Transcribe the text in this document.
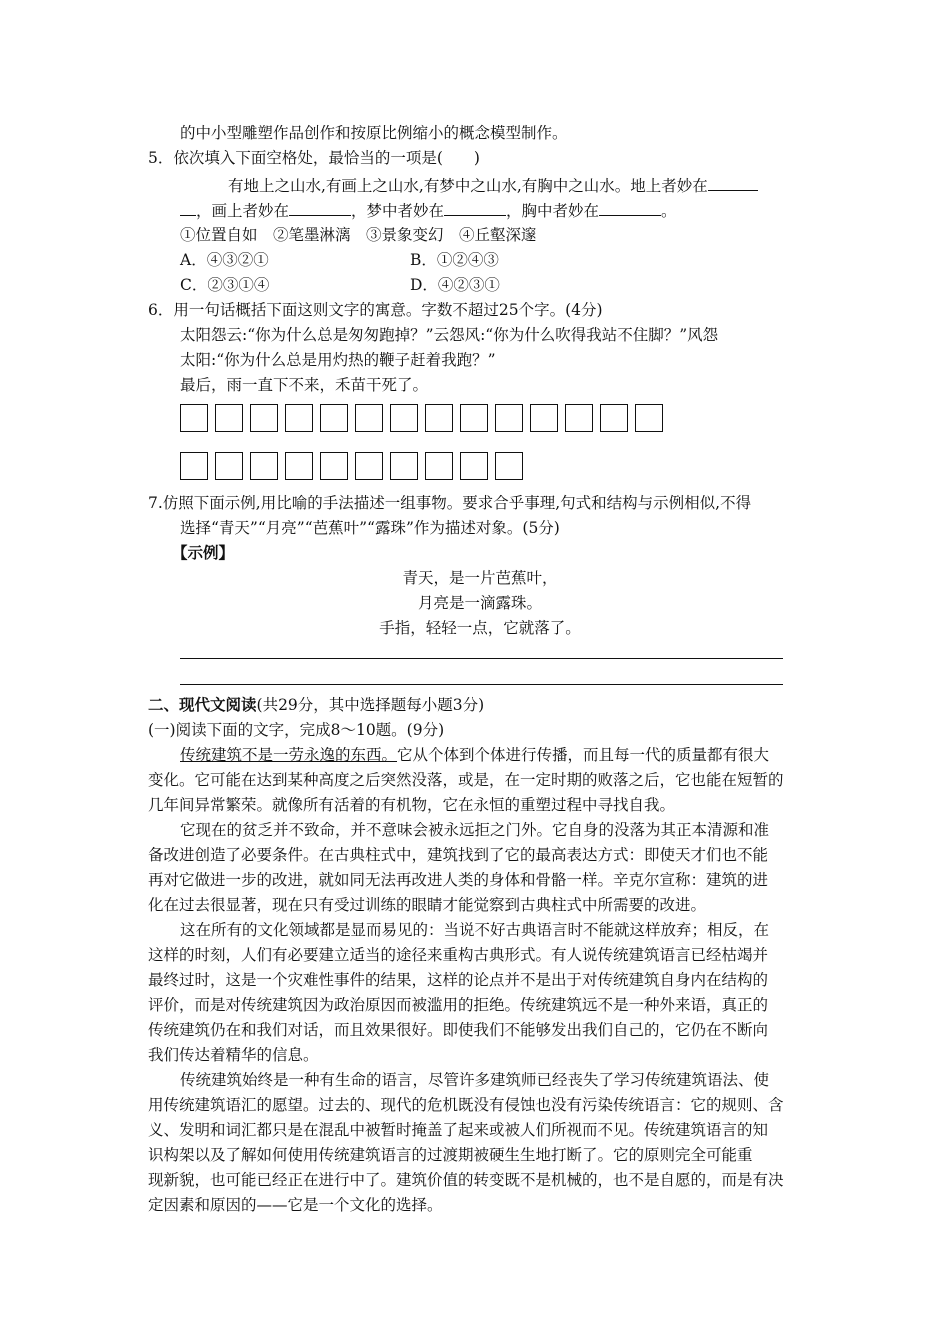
的中小型雕塑作品创作和按原比例缩小的概念模型制作。
5．依次填入下面空格处，最恰当的一项是(　　)
有地上之山水,有画上之山水,有梦中之山水,有胸中之山水。地上者妙在
，画上者妙在	，梦中者妙在	，胸中者妙在	。
①位置自如　②笔墨淋漓　③景象变幻　④丘壑深邃
A．④③②①	B．①②④③
C．②③①④	D．④②③①
6．用一句话概括下面这则文字的寓意。字数不超过25个字。(4分)
太阳怨云:“你为什么总是匆匆跑掉？”云怨风:“你为什么吹得我站不住脚？”风怨
太阳:“你为什么总是用灼热的鞭子赶着我跑？”
最后，雨一直下不来，禾苗干死了。
7.仿照下面示例,用比喻的手法描述一组事物。要求合乎事理,句式和结构与示例相似,不得
选择“青天”“月亮”“芭蕉叶”“露珠”作为描述对象。(5分)
【示例】
青天，是一片芭蕉叶，
月亮是一滴露珠。
手指，轻轻一点，它就落了。
二、现代文阅读(共29分，其中选择题每小题3分)
(一)阅读下面的文字，完成8～10题。(9分)
传统建筑不是一劳永逸的东西。它从个体到个体进行传播，而且每一代的质量都有很大
变化。它可能在达到某种高度之后突然没落，或是，在一定时期的败落之后，它也能在短暂的
几年间异常繁荣。就像所有活着的有机物，它在永恒的重塑过程中寻找自我。
它现在的贫乏并不致命，并不意味会被永远拒之门外。它自身的没落为其正本清源和准
备改进创造了必要条件。在古典柱式中，建筑找到了它的最高表达方式：即使天才们也不能
再对它做进一步的改进，就如同无法再改进人类的身体和骨骼一样。辛克尔宣称：建筑的进
化在过去很显著，现在只有受过训练的眼睛才能觉察到古典柱式中所需要的改进。
这在所有的文化领域都是显而易见的：当说不好古典语言时不能就这样放弃；相反，在
这样的时刻，人们有必要建立适当的途径来重构古典形式。有人说传统建筑语言已经枯竭并
最终过时，这是一个灾难性事件的结果，这样的论点并不是出于对传统建筑自身内在结构的
评价，而是对传统建筑因为政治原因而被滥用的拒绝。传统建筑远不是一种外来语，真正的
传统建筑仍在和我们对话，而且效果很好。即使我们不能够发出我们自己的，它仍在不断向
我们传达着精华的信息。
传统建筑始终是一种有生命的语言，尽管许多建筑师已经丧失了学习传统建筑语法、使
用传统建筑语汇的愿望。过去的、现代的危机既没有侵蚀也没有污染传统语言：它的规则、含
义、发明和词汇都只是在混乱中被暂时掩盖了起来或被人们所视而不见。传统建筑语言的知
识构架以及了解如何使用传统建筑语言的过渡期被硬生生地打断了。它的原则完全可能重
现新貌，也可能已经正在进行中了。建筑价值的转变既不是机械的，也不是自愿的，而是有决
定因素和原因的——它是一个文化的选择。
